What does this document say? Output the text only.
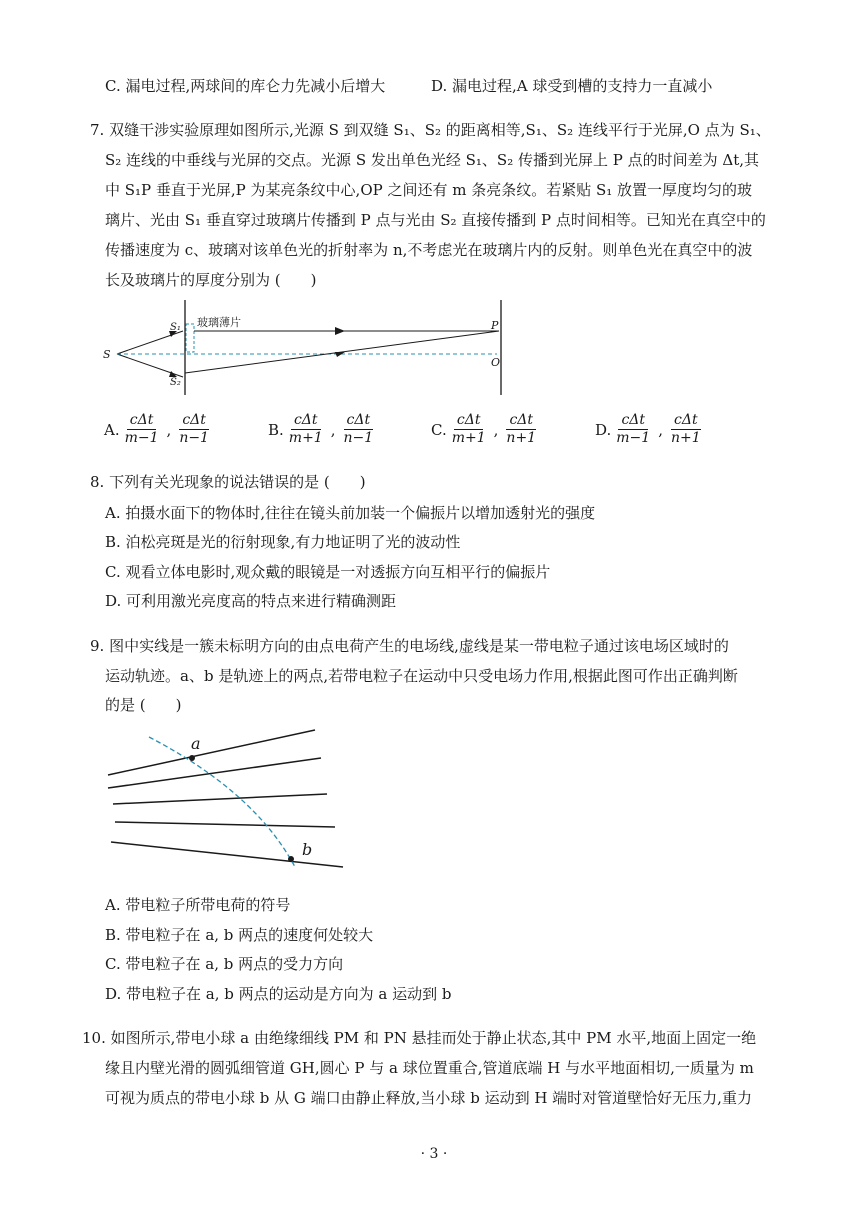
C. 漏电过程,两球间的库仑力先减小后增大	D. 漏电过程,A 球受到槽的支持力一直减小
7. 双缝干涉实验原理如图所示,光源 S 到双缝 S₁、S₂ 的距离相等,S₁、S₂ 连线平行于光屏,O 点为 S₁、
S₂ 连线的中垂线与光屏的交点。光源 S 发出单色光经 S₁、S₂ 传播到光屏上 P 点的时间差为 Δt,其
中 S₁P 垂直于光屏,P 为某亮条纹中心,OP 之间还有 m 条亮条纹。若紧贴 S₁ 放置一厚度均匀的玻
璃片、光由 S₁ 垂直穿过玻璃片传播到 P 点与光由 S₂ 直接传播到 P 点时间相等。已知光在真空中的
传播速度为 c、玻璃对该单色光的折射率为 n,不考虑光在玻璃片内的反射。则单色光在真空中的波
长及玻璃片的厚度分别为 (　　)
S
S₁
S₂
玻璃薄片	P
O
A. $\frac{\text{cΔt}}{m-1}$ , $\frac{\text{cΔt}}{n-1}$	B. $\frac{\text{cΔt}}{m+1}$ , $\frac{\text{cΔt}}{n-1}$	C. $\frac{\text{cΔt}}{m+1}$ , $\frac{\text{cΔt}}{n+1}$	D. $\frac{\text{cΔt}}{m-1}$ , $\frac{\text{cΔt}}{n+1}$
8. 下列有关光现象的说法错误的是 (　　)
A. 拍摄水面下的物体时,往往在镜头前加装一个偏振片以增加透射光的强度
B. 泊松亮斑是光的衍射现象,有力地证明了光的波动性
C. 观看立体电影时,观众戴的眼镜是一对透振方向互相平行的偏振片
D. 可利用激光亮度高的特点来进行精确测距
9. 图中实线是一簇未标明方向的由点电荷产生的电场线,虚线是某一带电粒子通过该电场区域时的
运动轨迹。a、b 是轨迹上的两点,若带电粒子在运动中只受电场力作用,根据此图可作出正确判断
的是 (　　)
a
b
A. 带电粒子所带电荷的符号
B. 带电粒子在 a, b 两点的速度何处较大
C. 带电粒子在 a, b 两点的受力方向
D. 带电粒子在 a, b 两点的运动是方向为 a 运动到 b
10. 如图所示,带电小球 a 由绝缘细线 PM 和 PN 悬挂而处于静止状态,其中 PM 水平,地面上固定一绝
缘且内壁光滑的圆弧细管道 GH,圆心 P 与 a 球位置重合,管道底端 H 与水平地面相切,一质量为 m
可视为质点的带电小球 b 从 G 端口由静止释放,当小球 b 运动到 H 端时对管道壁恰好无压力,重力
· 3 ·
